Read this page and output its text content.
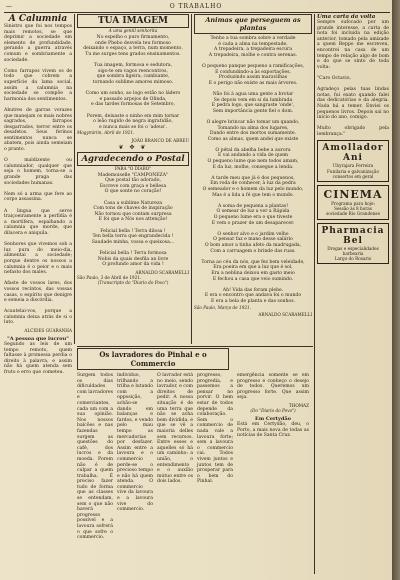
—	O TRABALHO

A Calumnia

Sinistro que foi nos tempos mais remotos, se que deprimir a sociedade em elemento de profundidade, gerando a guerra através comum e sombriamente a sociedade.

Como farrapos vivem os de todo que cobrem a superfície da lama social, assim a calumnia na sociedade se compõe a harmonia dos sentimentos.

Abutres de garras vorazes que manejam os mais nobres sagrados, farrapos desgarrados, terror entre os desafetos. Seus ferinos sentimentos nunca se abatem, pois ainda semeiam o pranto.

O maldizente ou calumniador, qualquer que seja o homem, torna-se a grande praga das sociedades humanas.

Nem só a arma que fere ao corpo assassina.

A lingua que serve traiçoeiramente a perfídia é a mortífera, espalhando a calumnia que morde, que dilacera e aniquila.

Senhores que vivemos sob a luz pura do meio-dia, alimentai a sociedade; porque dentre os nossos a calumnia é o peior e o mais nefasto dos males.

Afaste de vossos lares, dos vossos recintos, das vossas casas, o espírito que denigre e semeia a discórdia.

Acautelai-vos, porque a calumnia deixa atrás de si o luto.

ALCIDES GUARANHA

"A pessoa que lucrou"

Segundo as leis de um tempo remoto, quem faltasse à promessa perdia o direito à palavra, e assim não há quem atenda sem fruto o erro que cometeu.

TUA IMAGEM

A uma gentil senhorita

No espelho o puro firmamento,
onde Phebo desvela teu formoso
deixando o espaço, a terra, num momento,
Tu me surges tens grados ensinamentos.

Tua imagem, formosa e sedutora,
sigo-te em vagos reencontros,
que sombra ligeira, cambiante,
tornando sublime amores mimoso.

Como um sonho, ao logo estão no ládero
e passado arpejos de Olinda,
e das tardes formosas de Setembro,

Porem, deixaste o ninho em mim tornar
o leão rugido de negra ingratidão,
e nunca mais se foi o 'adeus'.

Mogymirim, Abril de 1921.

JOÃO BRANCO DE ABREU

❦ ✥ ❦

Agradecendo o Postal

PARA "O DIABO"

Mademoiselle "CAMPONEZA"
Que postal tão adorado,
Escreve com graça e bellesa
O que sonte no coração!

Casa a sublime Natureza
Com tons de chaves de inspiração
Não tornou que contam surpresa
E foi que a Nós nos attenção!

Felicial bella ! Terra dilosa !
Ten bella terra que engrandecida !
Saudade minha, vossa e queixosa...

Felicial bella ! Terra formosa
Nobis da quais desfila an livre
O profundo amor da vida !

ARNALDO SCARAMELLI

São Paulo, 3 de Abril de 1921.

(Transcripto do "Diario do Povo")

Animas que perseguem as plantas

Tenho a tua sombra sobre a verdade
é cada a alma na tempestade,
A trepadeira, a trepadeira escura
A trepadeira, molhe e contra serenas.

O pequeno panque pequeno a ramificações,
E confundindo-a às exportações,
Produzindo assim maravilhas
E o perigo não existe as mais árvores.

Não foi à agua uma gente a brotar
Se depois vem em si da lumbrada
E pedra logo, que sangraste 'onde',
Sem importância gente fiel o dom.

O alegre brincar não tomar um quando,
Tomando na alma dos lugares,
Dando entre dos mortos sumamente.
Como as almas, quem andei que existe

O pétal da abelha bebe a aurora
E vai andando a vida de quem
O pequeno lume que nem todos amam,
E da luz, molhe, consegue a lenda.

A tarde meu que já é dos pequenos,
Em roda de conhecer, à luz da pedra
O semeador e o homem da luz pelo mundo,
Mas é a lida a fé que tem o mundo.

A soma de pequena a plantas!
O semear de luz a ver a Rápida
O pequeno lume era o que tiveste
E vem o prazer de um desaparecer.

O senhor alvo e o jardim velho
O pensar faz e mano desse salário
O bom amor a tinha afeto da madrugada,
Com a carruagem o brinde das ruas.

Torna ao céu da nós, que fez bem veleidade,
Era poeira em que a luz que é sol,
Era a neblina deixou em gasto meio
E fechou a casa que veio sumindo.

Ah! Vida das foram plebe.
E era o encontro que andava foi o mundo
E era a bela de planta e das sonhos.

São Paulo, Março de 1921.

ARNALDO SCARAMELLI

Uma carta da volta

Sempre sufocado por um grande interesse, a carta de nota foi incluida na edição anterior, tomado pela amizade a quem Beppo me escreveu, encontrei na casa de um tempo de relação algo de bom e do que se sinto de toda volta:

"Caro Octavio,

Agradeço pelas tuas lindas notas, fui exato quando falei das dedicatórias e da alegria. Nada há a temer. Enviei os pequenos livros. Depois saí no início do ano, comigo.

Muito obrigado pela lembrança."

Amollador Ani

Ubyrajara Ferreira
Funilaria e galvanização
consertos em geral

CINEMA

Programa para hoje:
Sessão às 8 horas
sociedade Rio Grandense

Pharmacia Bel

Drogas e especialidades
barbearia
Largo do Rosario

Os lavradores do Pinhal e o Commercio

Surgem todos os dias dificuldades com lavradores e comerciantes, cada um com a sua opinião. Nos nossos balcões e nas fazendas surgem as questões do café, dos lucros e da moeda. Porem não é de culpar a quem trabalha. É preciso fazer tudo de forma que as classes se entendam, sem o que não haverá progresso possível e a lavoura sofrerá o que sofre o commercio.

individuo, trilhando a trilha e lutando com a opposição, achão-se dando em balanças e fardos, e vendo pelo mau tempo as mercadorias por desfazer. Assim entre a lavoura e o commercio perde-se o precioso tempo e não há quem atenda. O commercio vive da lavoura e a lavoura vive do commercio.

O lavrador está no meio, sendo lavrador, e com direitos de pedir. A nossa situação é de uma terra que não se acha bem dividida, e que se vê a maioria delles sem recursos. Entre esses e aquelles só há um caminho: a união, o entendimento e o auxílio mútuo entre os dois lados.

progresso, progredia, e passemos a pensar no porvir. O bem estar de todos depende da colaboração. Sem o commercio de nada vale a lavoura forte; sem a lavoura o commercio cai. Todos vivem juntos e juntos tem de prosperar para o bem do Pinhal.

emergência somente se em progresso e conheço o desejo de todos. Queremos um progresso forte. Que assim seja.

THOMAZ

(Do "Diario do Povo")

Em Certydão

Está em Certydão, deu, o Porto, a mais nova de todas as notícias de Santa Cruz.
